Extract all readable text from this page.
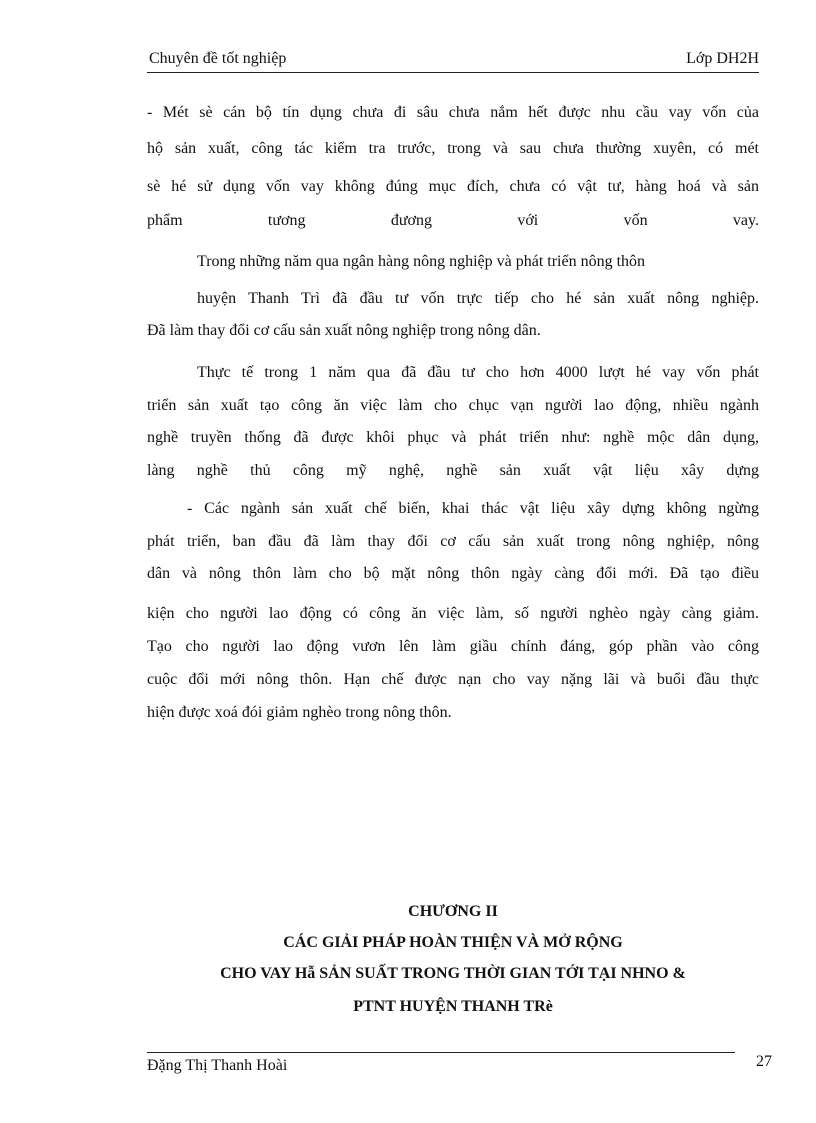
Chuyên đề tốt nghiệp	Lớp DH2H
- Mét sè cán bộ tín dụng chưa đi sâu chưa nắm hết được nhu cầu vay vốn của
hộ sản xuất, công tác kiểm tra trước, trong và sau chưa thường xuyên, có mét
sè hé sử dụng vốn vay không đúng mục đích, chưa có vật tư, hàng hoá và sản
phẩm tương đương với vốn vay.
Trong những năm qua ngân hàng nông nghiệp và phát triển nông thôn
huyện Thanh Trì đã đầu tư vốn trực tiếp cho hé sản xuất nông nghiệp.
Đã làm thay đổi cơ cấu sản xuất nông nghiệp trong nông dân.
Thực tế trong 1 năm qua đã đầu tư cho hơn 4000 lượt hé vay vốn phát
triển sản xuất tạo công ăn việc làm cho chục vạn người lao động, nhiều ngành
nghề truyền thống đã được khôi phục và phát triển như: nghề mộc dân dụng,
làng nghề thủ công mỹ nghệ, nghề sản xuất vật liệu xây dựng
- Các ngành sản xuất chế biến, khai thác vật liệu xây dựng không ngừng
phát triển, ban đầu đã làm thay đổi cơ cấu sản xuất trong nông nghiệp, nông
dân và nông thôn làm cho bộ mặt nông thôn ngày càng đổi mới. Đã tạo điều
kiện cho người lao động có công ăn việc làm, số người nghèo ngày càng giảm.
Tạo cho người lao động vươn lên làm giầu chính đáng, góp phần vào công
cuộc đổi mới nông thôn. Hạn chế được nạn cho vay nặng lãi và buổi đầu thực
hiện được xoá đói giảm nghèo trong nông thôn.
CHƯƠNG II
CÁC GIẢI PHÁP HOÀN THIỆN VÀ MỞ RỘNG
CHO VAY Hẫ SẢN SUẤT TRONG THỜI GIAN TỚI TẠI NHNO &
PTNT HUYỆN THANH TRè
Đặng Thị Thanh Hoài	27
